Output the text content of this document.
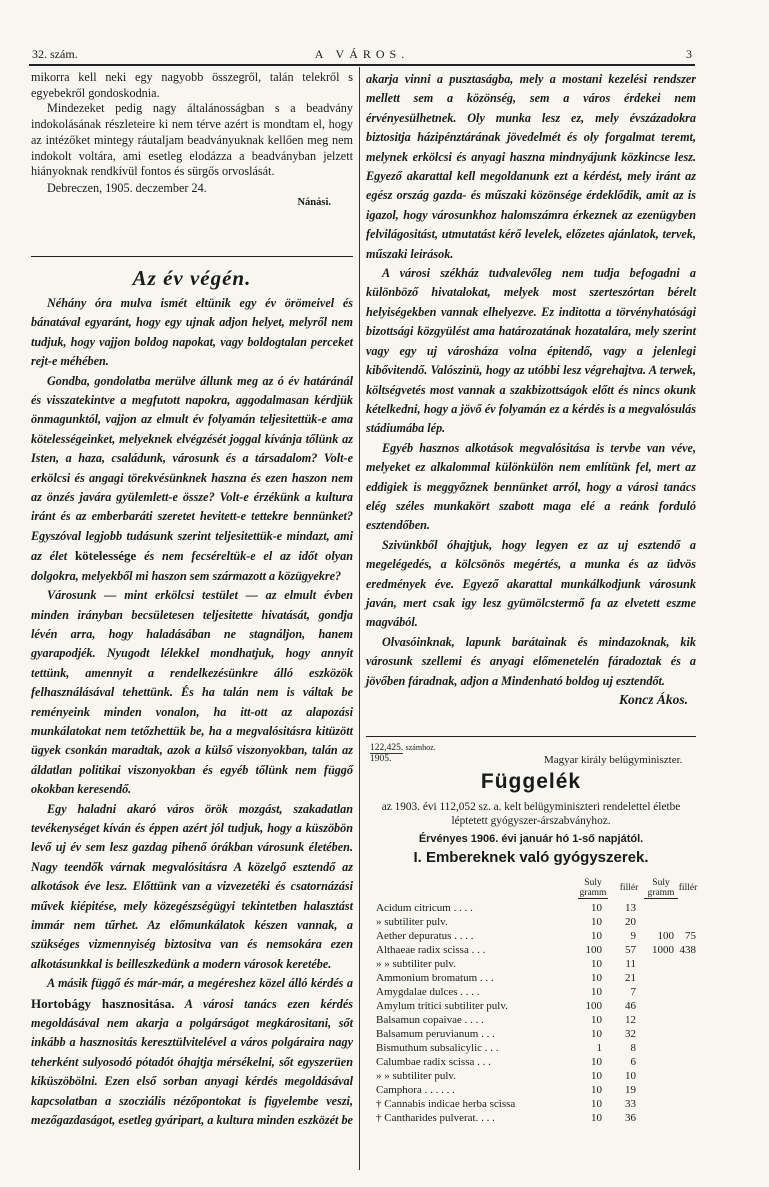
32. szám.	A VÁROS.	3

mikorra kell neki egy nagyobb összegről, talán telekről s egyebekről gondoskodnia.

Mindezeket pedig nagy általánosságban s a beadvány indokolásának részleteire ki nem térve azért is mondtam el, hogy az intézőket mintegy ráutaljam beadványuknak kellően meg nem indokolt voltára, ami esetleg elodázza a beadványban jelzett hiányoknak rendkívül fontos és sürgős orvoslását.

Debreczen, 1905. deczember 24.

Nánási.

Az év végén.

Néhány óra mulva ismét eltünik egy év örömeivel és bánatával egyaránt, hogy egy ujnak adjon helyet, melyről nem tudjuk, hogy vajjon boldog napokat, vagy boldogtalan perceket rejt-e méhében.

Gondba, gondolatba merülve állunk meg az ó év határánál és visszatekintve a megfutott napokra, aggodalmasan kérdjük önmagunktól, vajjon az elmult év folyamán teljesitettük-e ama kötelességeinket, melyeknek elvégzését joggal kívánja tőlünk az Isten, a haza, családunk, városunk és a társadalom? Volt-e erkölcsi és angagi törekvésünknek haszna és ezen haszon nem az önzés javára gyülemlett-e össze? Volt-e érzékünk a kultura iránt és az emberbaráti szeretet hevitett-e tettekre bennünket? Egyszóval legjobb tudásunk szerint teljesitettük-e mindazt, ami az élet kötelessége és nem fecséreltük-e el az időt olyan dolgokra, melyekből mi haszon sem származott a közügyekre?

Városunk — mint erkölcsi testület — az elmult évben minden irányban becsületesen teljesitette hivatását, gondja lévén arra, hogy haladásában ne stagnáljon, hanem gyarapodjék. Nyugodt lélekkel mondhatjuk, hogy annyit tettünk, amennyit a rendelkezésünkre álló eszközök felhasználásával tehettünk. És ha talán nem is váltak be reményeink minden vonalon, ha itt-ott az alapozási munkálatokat nem tetőzhettük be, ha a megvalósitásra kitüzött ügyek csonkán maradtak, azok a külső viszonyokban, talán az áldatlan politikai viszonyokban és egyéb tőlünk nem függő okokban keresendő.

Egy haladni akaró város örök mozgást, szakadatlan tevékenységet kíván és éppen azért jól tudjuk, hogy a küszöbön levő uj év sem lesz gazdag pihenő órákban városunk életében. Nagy teendők várnak megvalósitásra A közelgő esztendő az alkotások éve lesz. Előttünk van a vizvezetéki és csatornázási művek kiépitése, mely közegészségügyi tekintetben halasztást immár nem tűrhet. Az előmunkálatok készen vannak, a szükséges vizmennyiség biztositva van és nemsokára ezen alkotásunkkal is beilleszkedünk a modern városok keretébe.

A másik függő és már-már, a megéreshez közel álló kérdés a Hortobágy hasznositása. A városi tanács ezen kérdés megoldásával nem akarja a polgárságot megkárositani, sőt inkább a hasznositás keresztülvitelével a város polgáraira nagy teherként sulyosodó pótadót óhajtja mérsékelni, sőt egyszerüen kiküszöbölni. Ezen első sorban anyagi kérdés megoldásával kapcsolatban a szocziális nézőpontokat is figyelembe veszi, mezőgazdaságot, esetleg gyáripart, a kultura minden eszközét be

akarja vinni a pusztaságba, mely a mostani kezelési rendszer mellett sem a közönség, sem a város érdekei nem érvényesülhetnek. Oly munka lesz ez, mely évszázadokra biztositja házipénztárának jövedelmét és oly forgalmat teremt, melynek erkölcsi és anyagi haszna mindnyájunk közkincse lesz. Egyező akarattal kell megoldanunk ezt a kérdést, mely iránt az egész ország gazda- és műszaki közönsége érdeklődik, amit az is igazol, hogy városunkhoz halomszámra érkeznek az ezenügyben felvilágositást, utmutatást kérő levelek, előzetes ajánlatok, tervek, műszaki leirások.

A városi székház tudvalevőleg nem tudja befogadni a különböző hivatalokat, melyek most szerteszórtan bérelt helyiségekben vannak elhelyezve. Ez inditotta a törvényhatósági bizottsági közgyülést ama határozatának hozatalára, mely szerint vagy egy uj városháza volna épitendő, vagy a jelenlegi kibővitendő. Valószinü, hogy az utóbbi lesz végrehajtva. A terwek, költségvetés most vannak a szakbizottságok előtt és nincs okunk kételkedni, hogy a jövő év folyamán ez a kérdés is a megvalósulás stádiumába lép.

Egyéb hasznos alkotások megvalósitása is tervbe van véve, melyeket ez alkalommal különkülön nem említünk fel, mert az eddigiek is meggyőznek bennünket arról, hogy a városi tanács elég széles munkakört szabott maga elé a reánk forduló esztendőben.

Szivünkből óhajtjuk, hogy legyen ez az uj esztendő a megelégedés, a kölcsönös megértés, a munka és az üdvös eredmények éve. Egyező akarattal munkálkodjunk városunk javán, mert csak igy lesz gyümölcstermő fa az elvetett eszme magvából.

Olvasóinknak, lapunk barátainak és mindazoknak, kik városunk szellemi és anyagi előmenetelén fáradoztak és a jövőben fáradnak, adjon a Mindenható boldog uj esztendőt.

Koncz Ákos.

122,425. számhoz.
1905.	Magyar király belügyminiszter.
Függelék
az 1903. évi 112,052 sz. a. kelt belügyminiszteri rendelettel életbe léptetett gyógyszer-árszabványhoz.
Érvényes 1906. évi január hó 1-ső napjától.
I. Embereknek való gyógyszerek.
Suly
gramm	fillér	Suly
gramm fillér
Acidum citricum . . . .	10	13
» subtiliter pulv.	10	20
Aether depuratus . . . .	10	9	100	75
Althaeae radix scissa . . .	100	57	1000 438
» » subtiliter pulv.	10	11
Ammonium bromatum . . .	10	21
Amygdalae dulces . . . .	10	7
Amylum tritici subtiliter pulv.	100	46
Balsamun copaivae . . . .	10	12
Balsamum peruvianum . . .	10	32
Bismuthum subsalicylic . . .	1	8
Calumbae radix scissa . . .	10	6
» » subtiliter pulv.	10	10
Camphora . . . . . .	10	19
† Cannabis indicae herba scissa	10	33
† Cantharides pulverat. . . .	10	36
